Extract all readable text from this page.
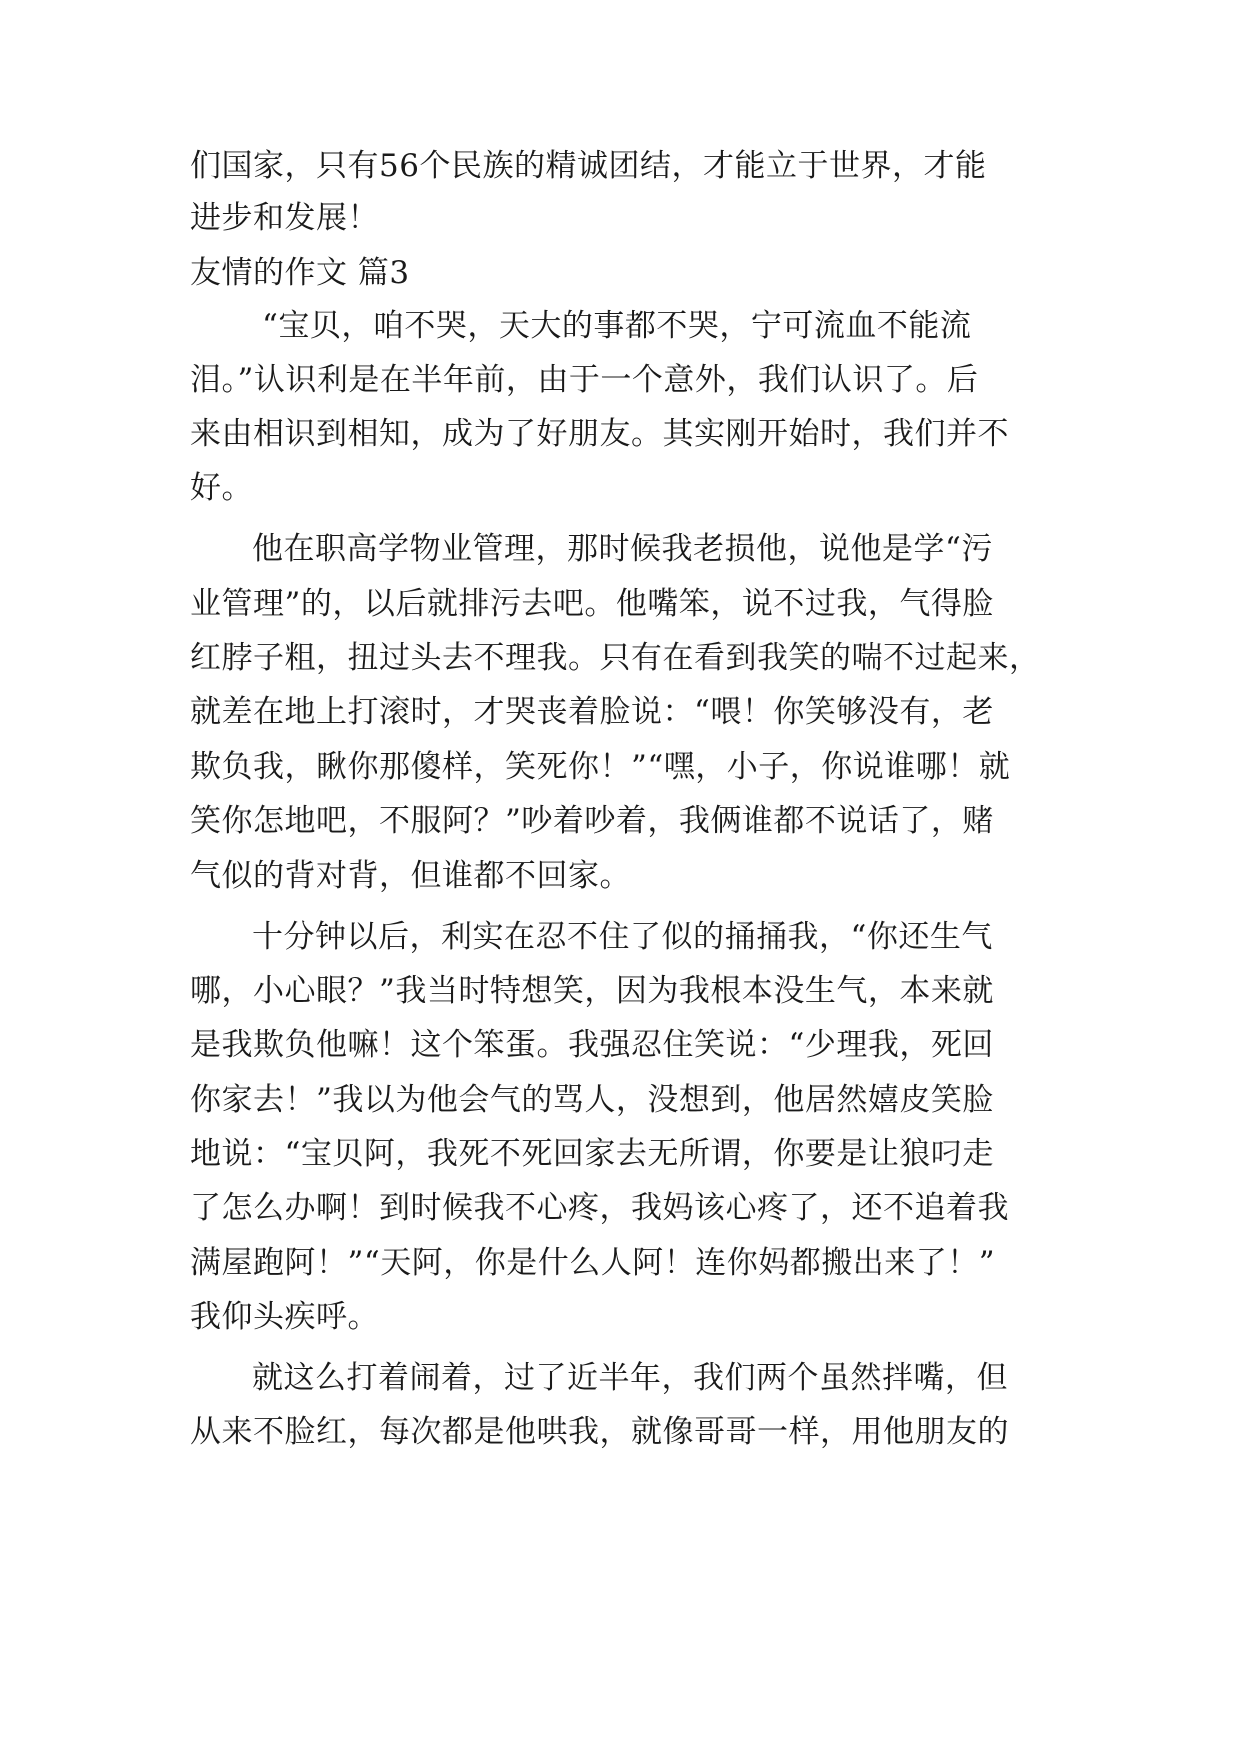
们国家，只有56个民族的精诚团结，才能立于世界，才能
进步和发展！
友情的作文 篇3
“宝贝，咱不哭，天大的事都不哭，宁可流血不能流
泪。”认识利是在半年前，由于一个意外，我们认识了。后
来由相识到相知，成为了好朋友。其实刚开始时，我们并不
好。
他在职高学物业管理，那时候我老损他，说他是学“污
业管理”的，以后就排污去吧。他嘴笨，说不过我，气得脸
红脖子粗，扭过头去不理我。只有在看到我笑的喘不过起来，
就差在地上打滚时，才哭丧着脸说：“喂！你笑够没有，老
欺负我，瞅你那傻样，笑死你！”“嘿，小子，你说谁哪！就
笑你怎地吧，不服阿？”吵着吵着，我俩谁都不说话了，赌
气似的背对背，但谁都不回家。
十分钟以后，利实在忍不住了似的捅捅我，“你还生气
哪，小心眼？”我当时特想笑，因为我根本没生气，本来就
是我欺负他嘛！这个笨蛋。我强忍住笑说：“少理我，死回
你家去！”我以为他会气的骂人，没想到，他居然嬉皮笑脸
地说：“宝贝阿，我死不死回家去无所谓，你要是让狼叼走
了怎么办啊！到时候我不心疼，我妈该心疼了，还不追着我
满屋跑阿！”“天阿，你是什么人阿！连你妈都搬出来了！”
我仰头疾呼。
就这么打着闹着，过了近半年，我们两个虽然拌嘴，但
从来不脸红，每次都是他哄我，就像哥哥一样，用他朋友的
